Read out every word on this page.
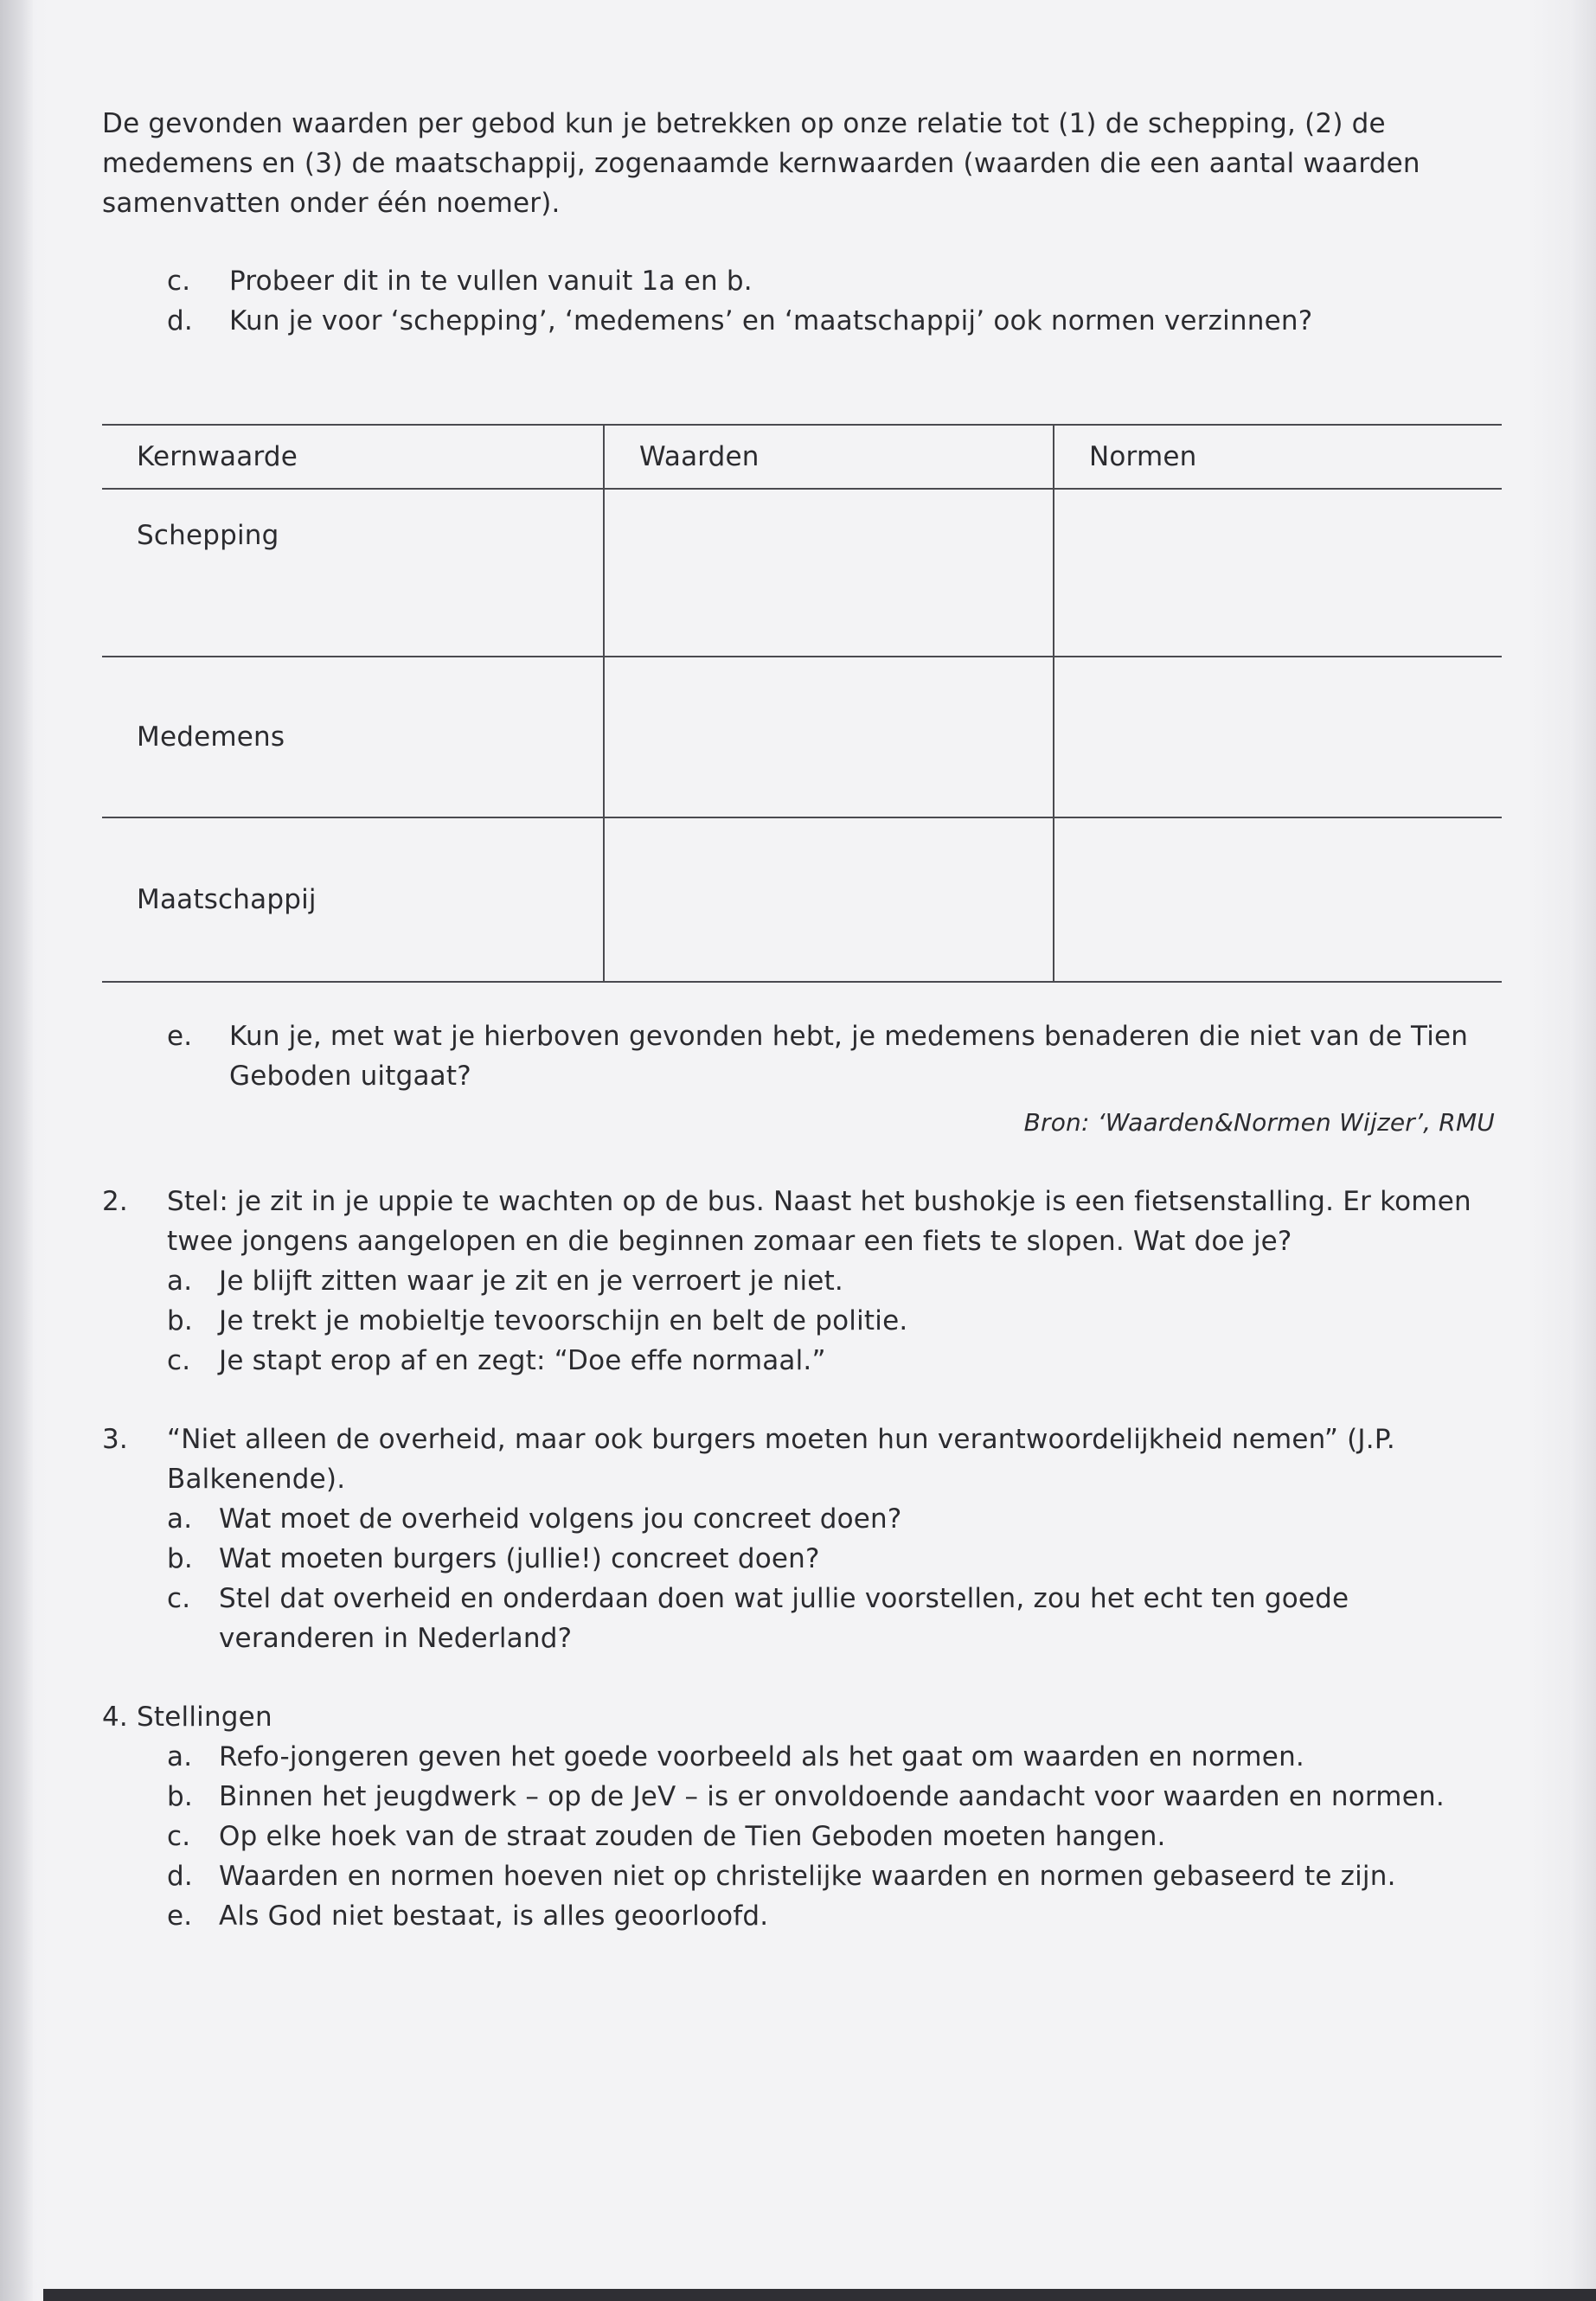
De gevonden waarden per gebod kun je betrekken op onze relatie tot (1) de schepping, (2) de medemens en (3) de maatschappij, zogenaamde kernwaarden (waarden die een aantal waarden samenvatten onder één noemer).

c.	Probeer dit in te vullen vanuit 1a en b.
d.	Kun je voor ‘schepping’, ‘medemens’ en ‘maatschappij’ ook normen verzinnen?
Kernwaarde	Waarden	Normen
Schepping		
Medemens		
Maatschappij		
e.	Kun je, met wat je hierboven gevonden hebt, je medemens benaderen die niet van de Tien Geboden uitgaat?

Bron: ‘Waarden&Normen Wijzer’, RMU

2.	Stel: je zit in je uppie te wachten op de bus. Naast het bushokje is een fietsenstalling. Er komen twee jongens aangelopen en die beginnen zomaar een fiets te slopen. Wat doe je?
a. Je blijft zitten waar je zit en je verroert je niet.
b. Je trekt je mobieltje tevoorschijn en belt de politie.
c.	Je stapt erop af en zegt: “Doe effe normaal.”
3.	“Niet alleen de overheid, maar ook burgers moeten hun verantwoordelijkheid nemen” (J.P. Balkenende).
a. Wat moet de overheid volgens jou concreet doen?
b. Wat moeten burgers (jullie!) concreet doen?
c.	Stel dat overheid en onderdaan doen wat jullie voorstellen, zou het echt ten goede veranderen in Nederland?
4. Stellingen
a. Refo-jongeren geven het goede voorbeeld als het gaat om waarden en normen.
b. Binnen het jeugdwerk – op de JeV – is er onvoldoende aandacht voor waarden en normen.
c.	Op elke hoek van de straat zouden de Tien Geboden moeten hangen.
d. Waarden en normen hoeven niet op christelijke waarden en normen gebaseerd te zijn.
e. Als God niet bestaat, is alles geoorloofd.
